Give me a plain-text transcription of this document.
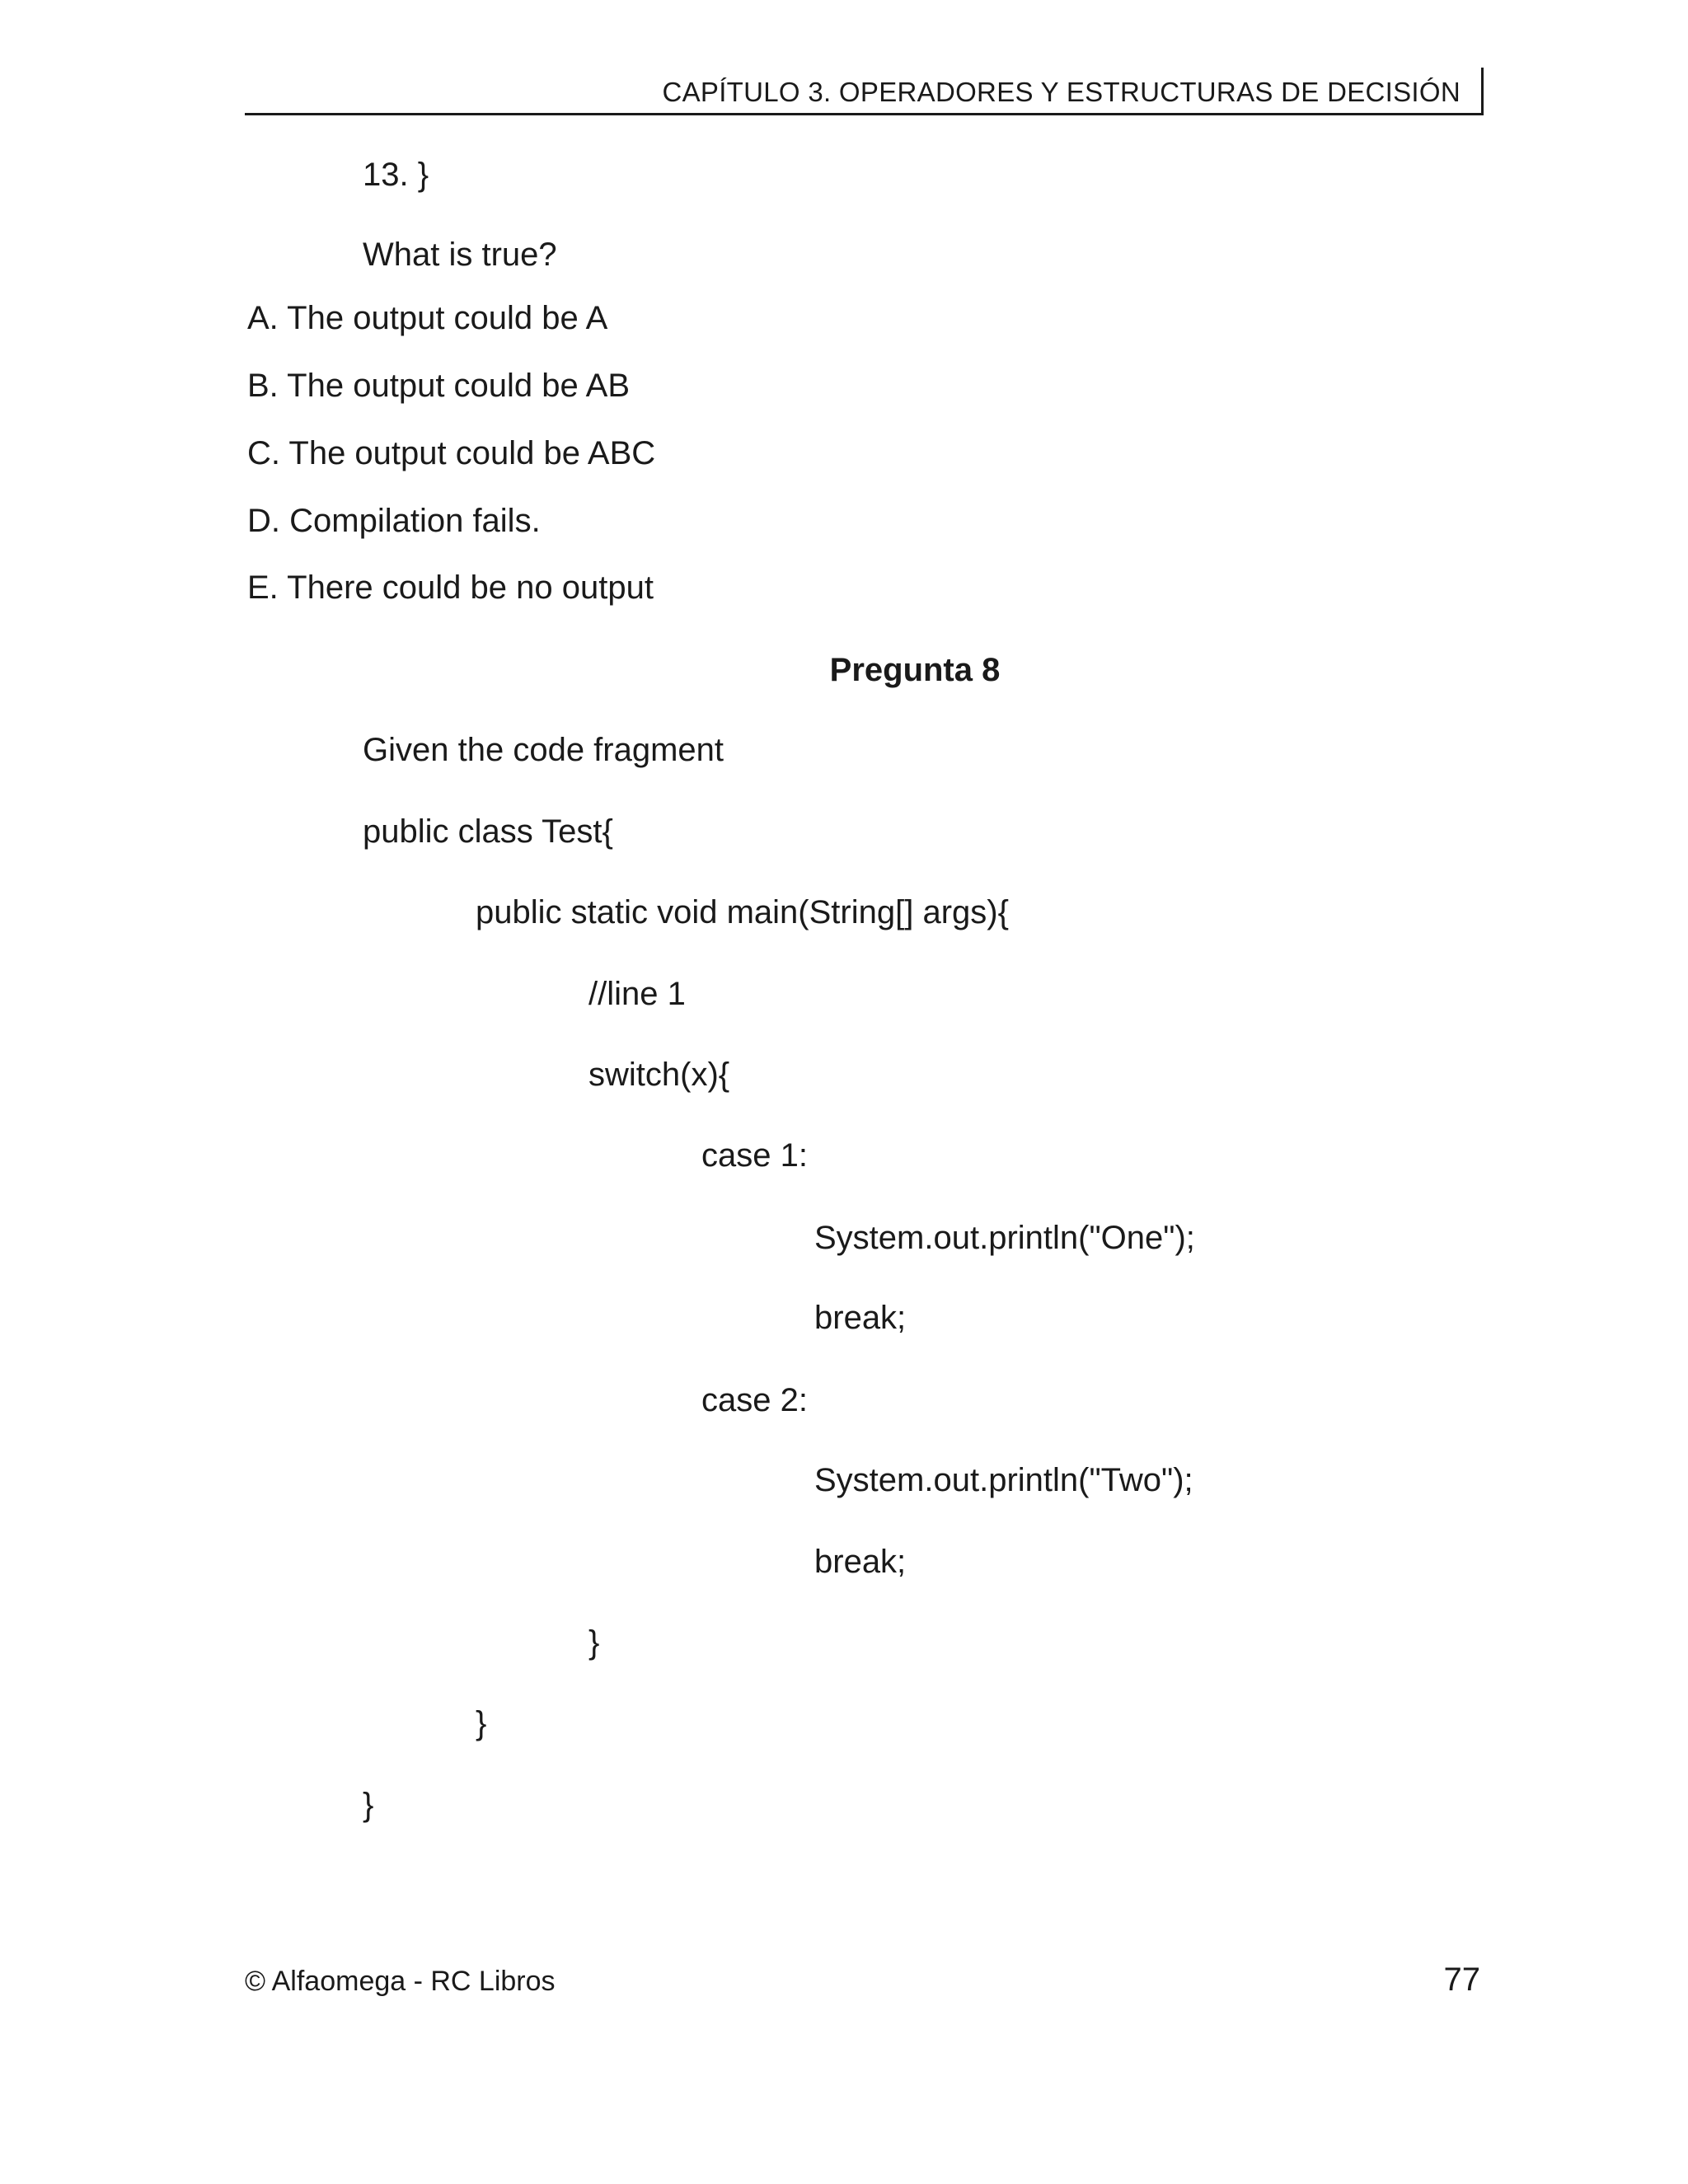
CAPÍTULO 3. OPERADORES Y ESTRUCTURAS DE DECISIÓN
13. }
What is true?
A. The output could be A
B. The output could be AB
C. The output could be ABC
D. Compilation fails.
E. There could be no output
Pregunta 8
Given the code fragment
public class Test{
public static void main(String[] args){
//line 1
switch(x){
case 1:
System.out.println("One");
break;
case 2:
System.out.println("Two");
break;
}
}
}
© Alfaomega - RC Libros	77
